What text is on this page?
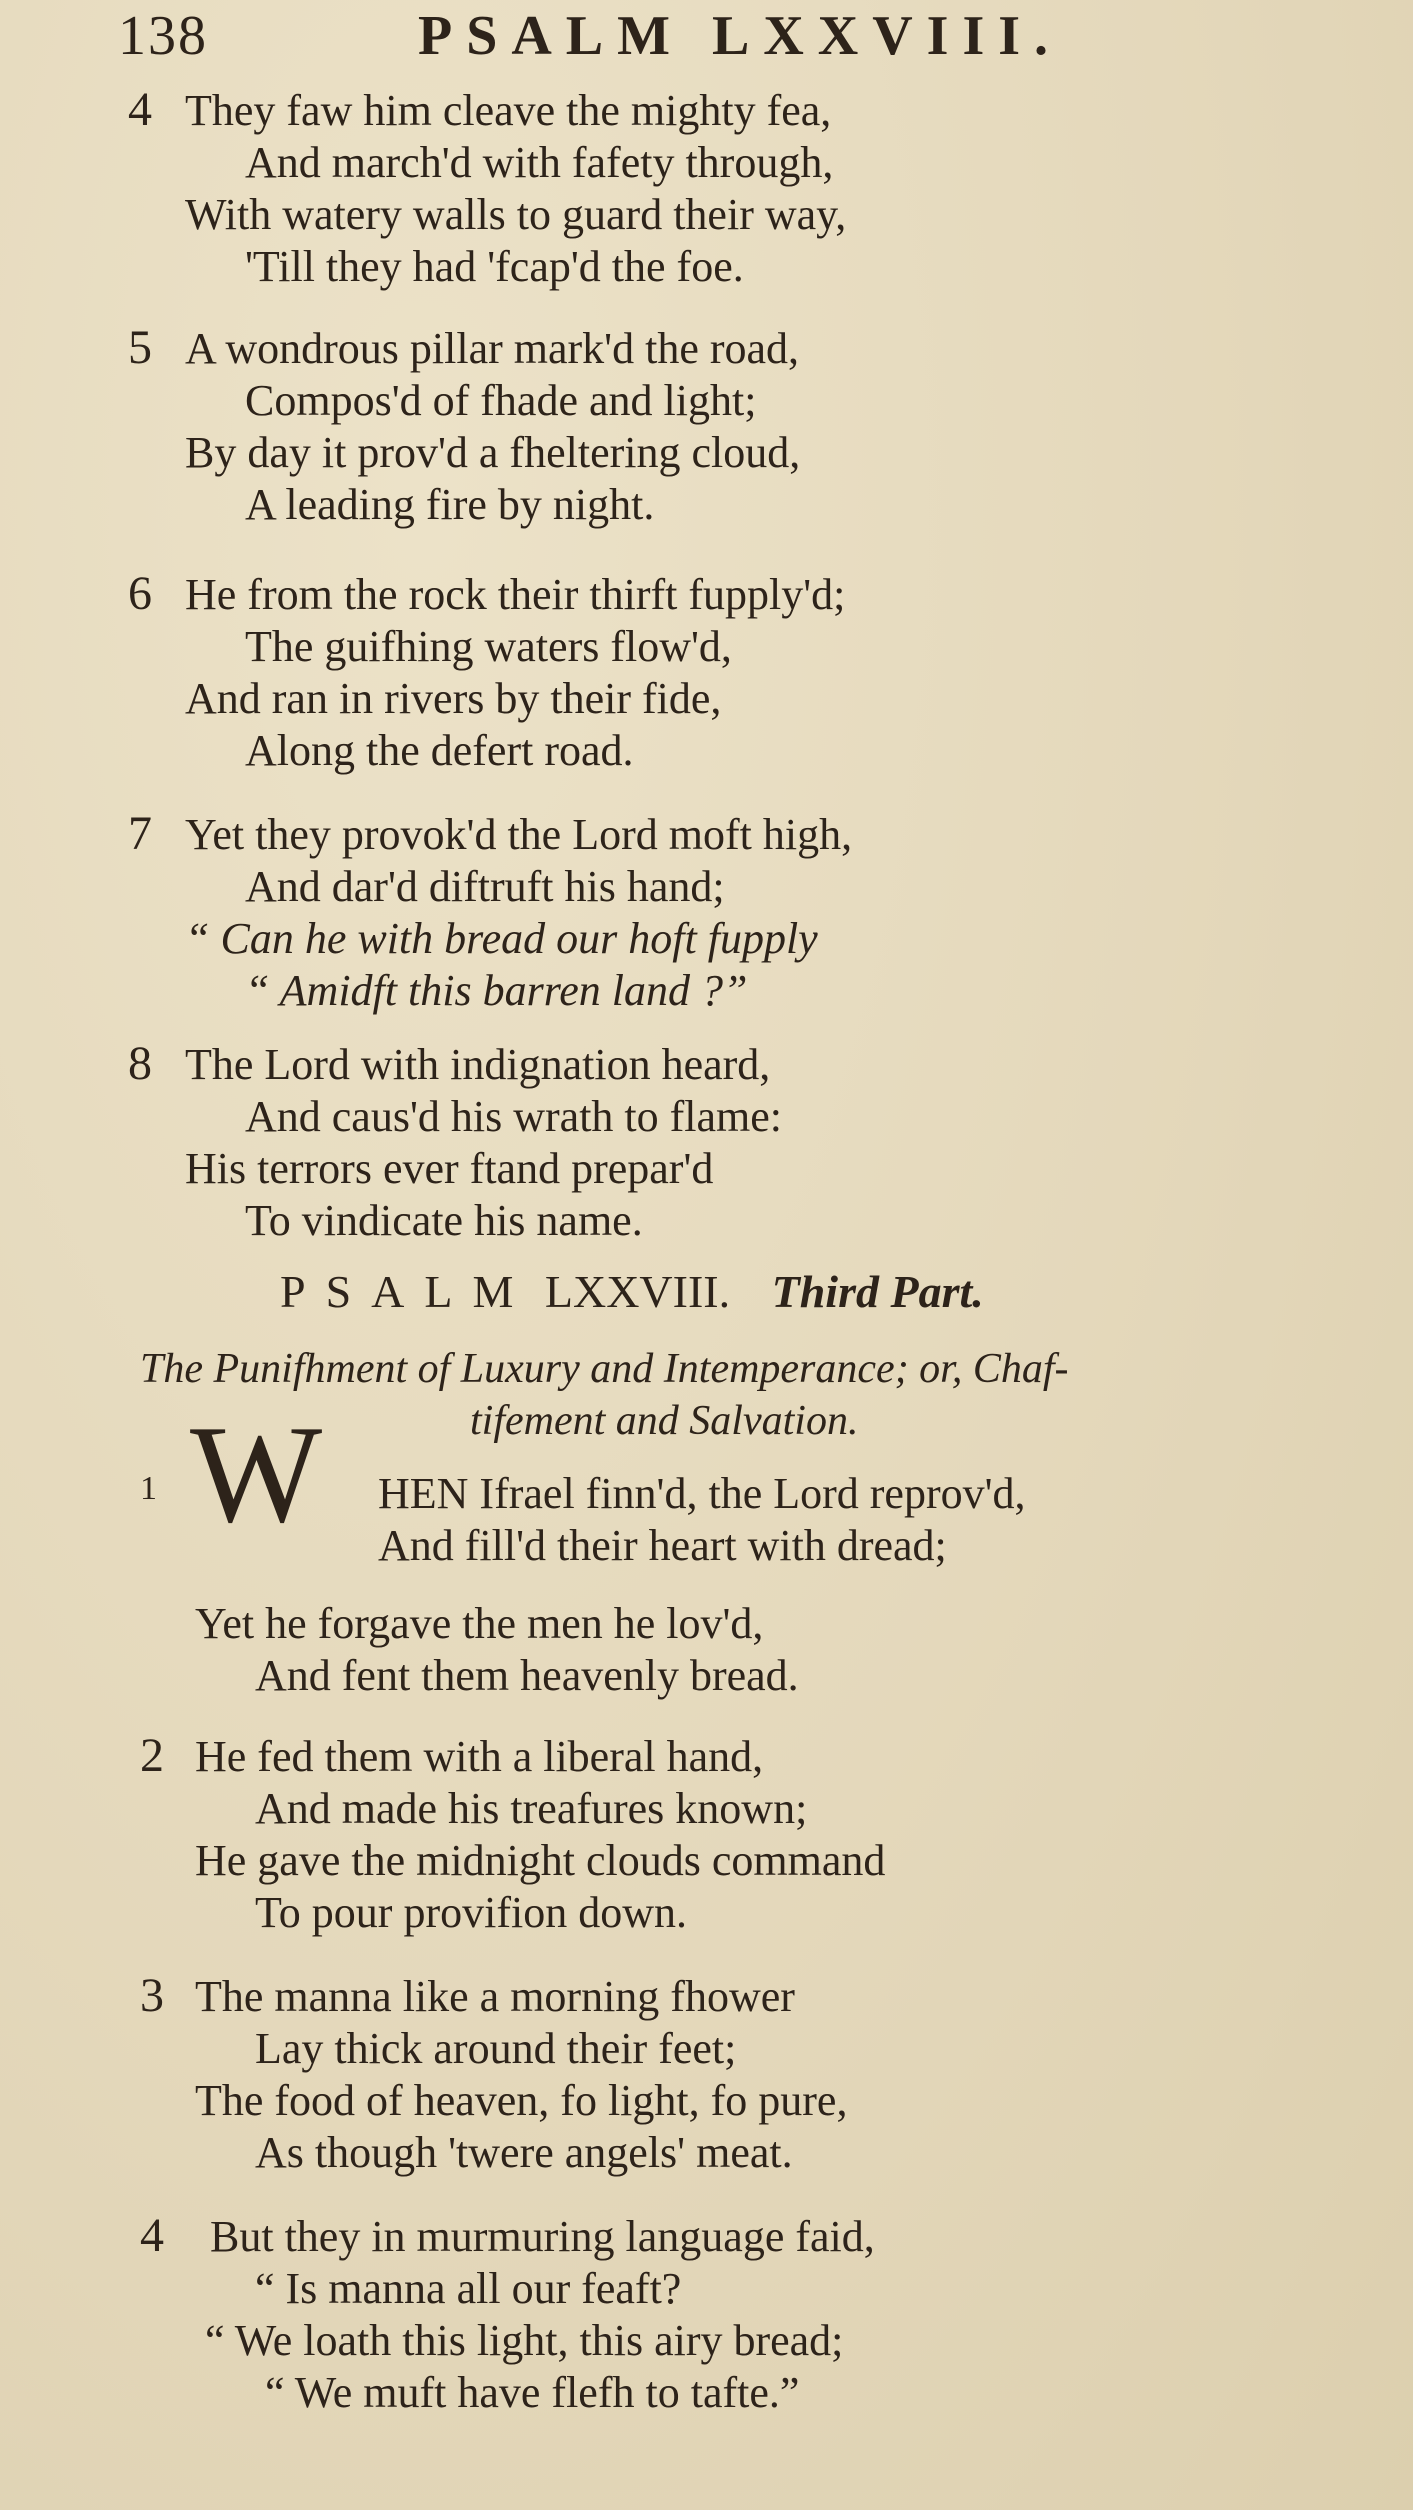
138	PSALM LXXVIII.
4 They faw him cleave the mighty fea,
And march'd with fafety through,
With watery walls to guard their way,
'Till they had 'fcap'd the foe.
5 A wondrous pillar mark'd the road,
Compos'd of fhade and light;
By day it prov'd a fheltering cloud,
A leading fire by night.
6 He from the rock their thirft fupply'd;
The guifhing waters flow'd,
And ran in rivers by their fide,
Along the defert road.
7 Yet they provok'd the Lord moft high,
And dar'd diftruft his hand;
“ Can he with bread our hoft fupply
“ Amidft this barren land ?”
8 The Lord with indignation heard,
And caus'd his wrath to flame:
His terrors ever ftand prepar'd
To vindicate his name.
PSALM LXXVIII. Third Part.
The Punifhment of Luxury and Intemperance; or, Chaf-
tifement and Salvation.
1 W HEN Ifrael finn'd, the Lord reprov'd,
And fill'd their heart with dread;
Yet he forgave the men he lov'd,
And fent them heavenly bread.
2 He fed them with a liberal hand,
And made his treafures known;
He gave the midnight clouds command
To pour provifion down.
3 The manna like a morning fhower
Lay thick around their feet;
The food of heaven, fo light, fo pure,
As though 'twere angels' meat.
4 But they in murmuring language faid,
“ Is manna all our feaft?
“ We loath this light, this airy bread;
“ We muft have flefh to tafte.”
